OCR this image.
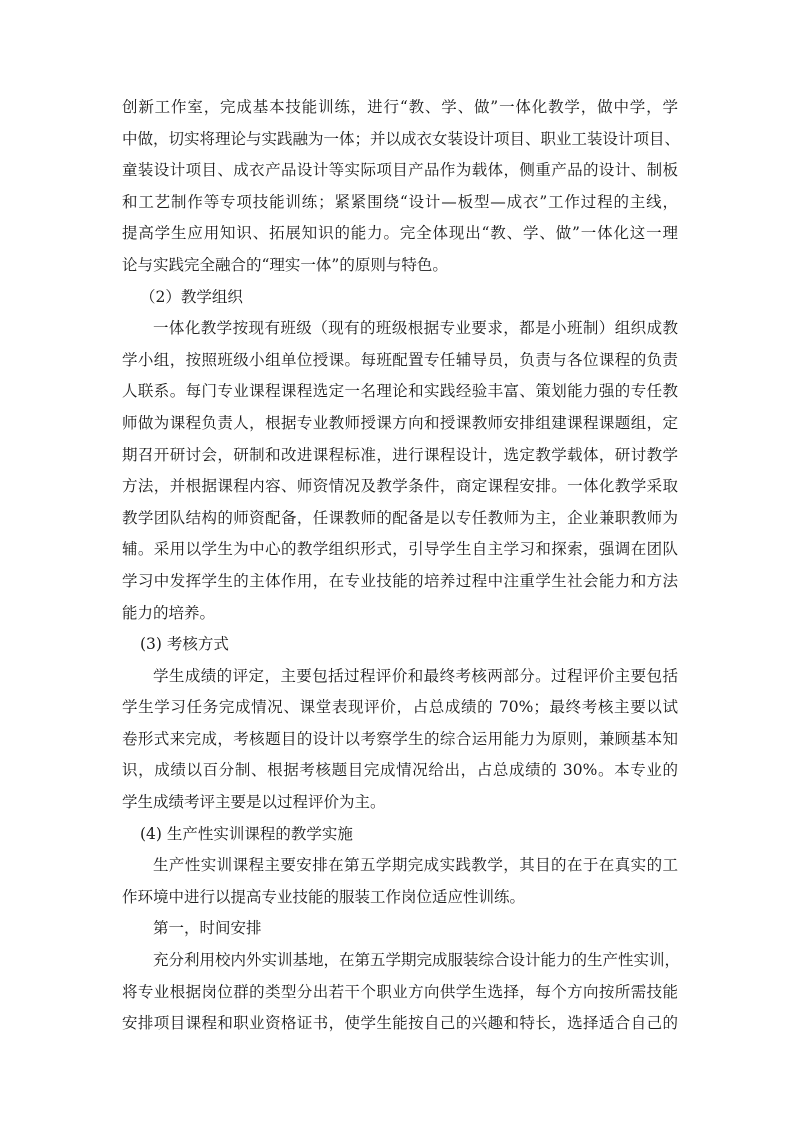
创新工作室，完成基本技能训练，进行“教、学、做”一体化教学，做中学，学
中做，切实将理论与实践融为一体；并以成衣女装设计项目、职业工装设计项目、
童装设计项目、成衣产品设计等实际项目产品作为载体，侧重产品的设计、制板
和工艺制作等专项技能训练；紧紧围绕“设计—板型—成衣”工作过程的主线，
提高学生应用知识、拓展知识的能力。完全体现出“教、学、做”一体化这一理
论与实践完全融合的“理实一体”的原则与特色。
（2）教学组织
一体化教学按现有班级（现有的班级根据专业要求，都是小班制）组织成教
学小组，按照班级小组单位授课。每班配置专任辅导员，负责与各位课程的负责
人联系。每门专业课程课程选定一名理论和实践经验丰富、策划能力强的专任教
师做为课程负责人，根据专业教师授课方向和授课教师安排组建课程课题组，定
期召开研讨会，研制和改进课程标准，进行课程设计，选定教学载体，研讨教学
方法，并根据课程内容、师资情况及教学条件，商定课程安排。一体化教学采取
教学团队结构的师资配备，任课教师的配备是以专任教师为主，企业兼职教师为
辅。采用以学生为中心的教学组织形式，引导学生自主学习和探索，强调在团队
学习中发挥学生的主体作用，在专业技能的培养过程中注重学生社会能力和方法
能力的培养。
(3) 考核方式
学生成绩的评定，主要包括过程评价和最终考核两部分。过程评价主要包括
学生学习任务完成情况、课堂表现评价，占总成绩的 70%；最终考核主要以试
卷形式来完成，考核题目的设计以考察学生的综合运用能力为原则，兼顾基本知
识，成绩以百分制、根据考核题目完成情况给出，占总成绩的 30%。本专业的
学生成绩考评主要是以过程评价为主。
(4) 生产性实训课程的教学实施
生产性实训课程主要安排在第五学期完成实践教学，其目的在于在真实的工
作环境中进行以提高专业技能的服装工作岗位适应性训练。
第一，时间安排
充分利用校内外实训基地，在第五学期完成服装综合设计能力的生产性实训，
将专业根据岗位群的类型分出若干个职业方向供学生选择，每个方向按所需技能
安排项目课程和职业资格证书，使学生能按自己的兴趣和特长，选择适合自己的
